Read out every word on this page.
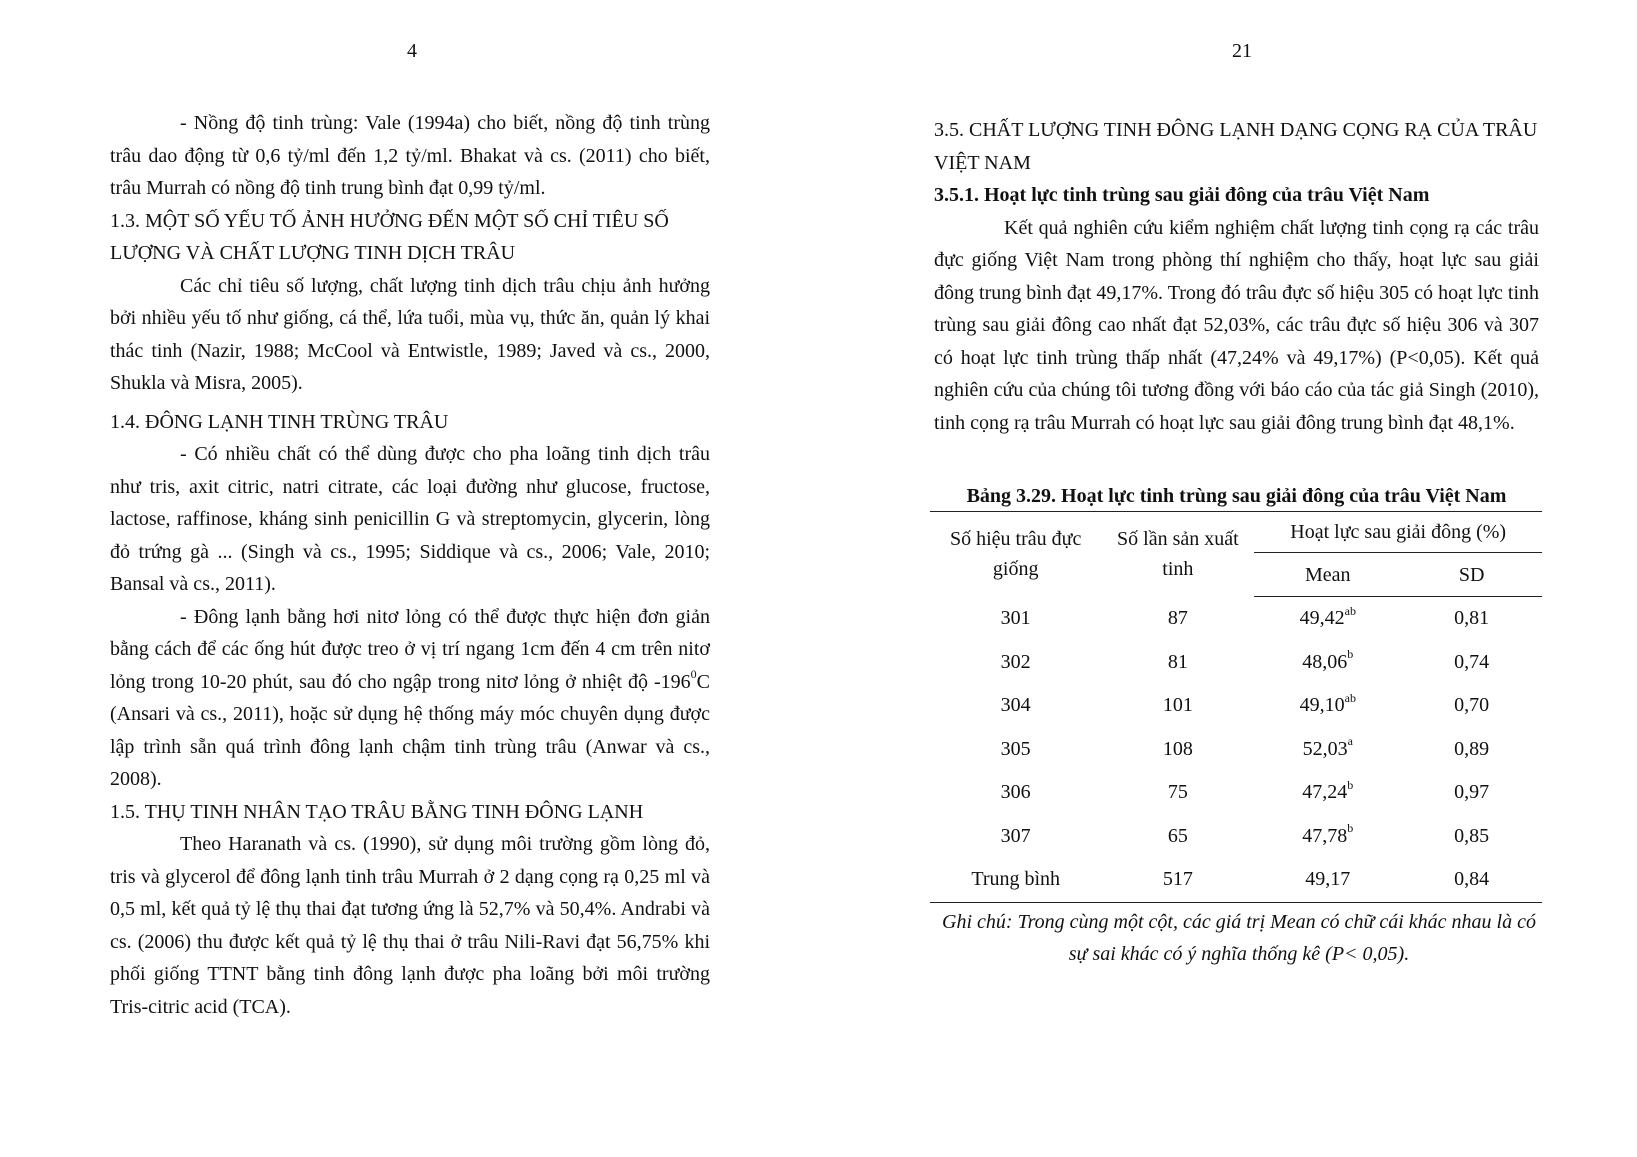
4

- Nồng độ tinh trùng: Vale (1994a) cho biết, nồng độ tinh trùng trâu dao động từ 0,6 tỷ/ml đến 1,2 tỷ/ml. Bhakat và cs. (2011) cho biết, trâu Murrah có nồng độ tinh trung bình đạt 0,99 tỷ/ml.

1.3. MỘT SỐ YẾU TỐ ẢNH HƯỞNG ĐẾN MỘT SỐ CHỈ TIÊU SỐ LƯỢNG VÀ CHẤT LƯỢNG TINH DỊCH TRÂU

Các chỉ tiêu số lượng, chất lượng tinh dịch trâu chịu ảnh hưởng bởi nhiều yếu tố như giống, cá thể, lứa tuổi, mùa vụ, thức ăn, quản lý khai thác tinh (Nazir, 1988; McCool và Entwistle, 1989; Javed và cs., 2000, Shukla và Misra, 2005).

1.4. ĐÔNG LẠNH TINH TRÙNG TRÂU

- Có nhiều chất có thể dùng được cho pha loãng tinh dịch trâu như tris, axit citric, natri citrate, các loại đường như glucose, fructose, lactose, raffinose, kháng sinh penicillin G và streptomycin, glycerin, lòng đỏ trứng gà ... (Singh và cs., 1995; Siddique và cs., 2006; Vale, 2010; Bansal và cs., 2011).

- Đông lạnh bằng hơi nitơ lỏng có thể được thực hiện đơn giản bằng cách để các ống hút được treo ở vị trí ngang 1cm đến 4 cm trên nitơ lỏng trong 10-20 phút, sau đó cho ngập trong nitơ lỏng ở nhiệt độ $-196^0C$ (Ansari và cs., 2011), hoặc sử dụng hệ thống máy móc chuyên dụng được lập trình sẵn quá trình đông lạnh chậm tinh trùng trâu (Anwar và cs., 2008).

1.5. THỤ TINH NHÂN TẠO TRÂU BẰNG TINH ĐÔNG LẠNH

Theo Haranath và cs. (1990), sử dụng môi trường gồm lòng đỏ, tris và glycerol để đông lạnh tinh trâu Murrah ở 2 dạng cọng rạ 0,25 ml và 0,5 ml, kết quả tỷ lệ thụ thai đạt tương ứng là 52,7% và 50,4%. Andrabi và cs. (2006) thu được kết quả tỷ lệ thụ thai ở trâu Nili-Ravi đạt 56,75% khi phối giống TTNT bằng tinh đông lạnh được pha loãng bởi môi trường Tris-citric acid (TCA).

21

3.5. CHẤT LƯỢNG TINH ĐÔNG LẠNH DẠNG CỌNG RẠ CỦA TRÂU VIỆT NAM

3.5.1. Hoạt lực tinh trùng sau giải đông của trâu Việt Nam

Kết quả nghiên cứu kiểm nghiệm chất lượng tinh cọng rạ các trâu đực giống Việt Nam trong phòng thí nghiệm cho thấy, hoạt lực sau giải đông trung bình đạt 49,17%. Trong đó trâu đực số hiệu 305 có hoạt lực tinh trùng sau giải đông cao nhất đạt 52,03%, các trâu đực số hiệu 306 và 307 có hoạt lực tinh trùng thấp nhất (47,24% và 49,17%) (P<0,05). Kết quả nghiên cứu của chúng tôi tương đồng với báo cáo của tác giả Singh (2010), tinh cọng rạ trâu Murrah có hoạt lực sau giải đông trung bình đạt 48,1%.

Bảng 3.29. Hoạt lực tinh trùng sau giải đông của trâu Việt Nam
Số hiệu trâu đực giống	Số lần sản xuất tinh	Hoạt lực sau giải đông (%)	
		Mean	SD
301	87	49,42$^{ab}$	0,81
302	81	48,06$^b$	0,74
304	101	49,10$^{ab}$	0,70
305	108	52,03$^a$	0,89
306	75	47,24$^b$	0,97
307	65	47,78$^b$	0,85
Trung bình	517	49,17	0,84
Ghi chú: Trong cùng một cột, các giá trị Mean có chữ cái khác nhau là có sự sai khác có ý nghĩa thống kê (P< 0,05).
